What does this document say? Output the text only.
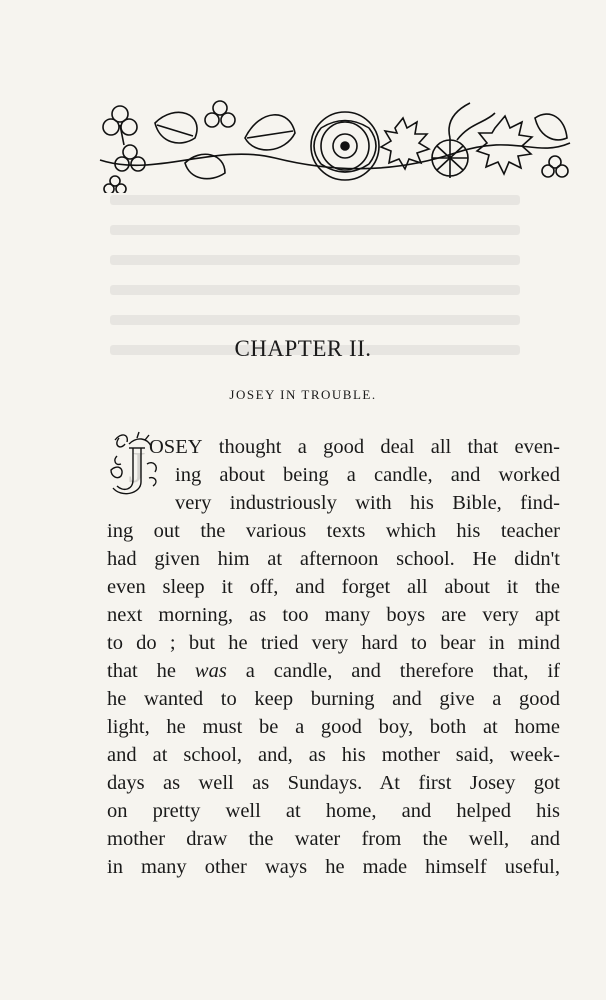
CHAPTER II.
JOSEY IN TROUBLE.
J OSEY thought a good deal all that even-
ing about being a candle, and worked
very industriously with his Bible, find-
ing out the various texts which his teacher
had given him at afternoon school. He didn't
even sleep it off, and forget all about it the
next morning, as too many boys are very apt
to do ; but he tried very hard to bear in mind
that he was a candle, and therefore that, if
he wanted to keep burning and give a good
light, he must be a good boy, both at home
and at school, and, as his mother said, week-
days as well as Sundays. At first Josey got
on pretty well at home, and helped his
mother draw the water from the well, and
in many other ways he made himself useful,
